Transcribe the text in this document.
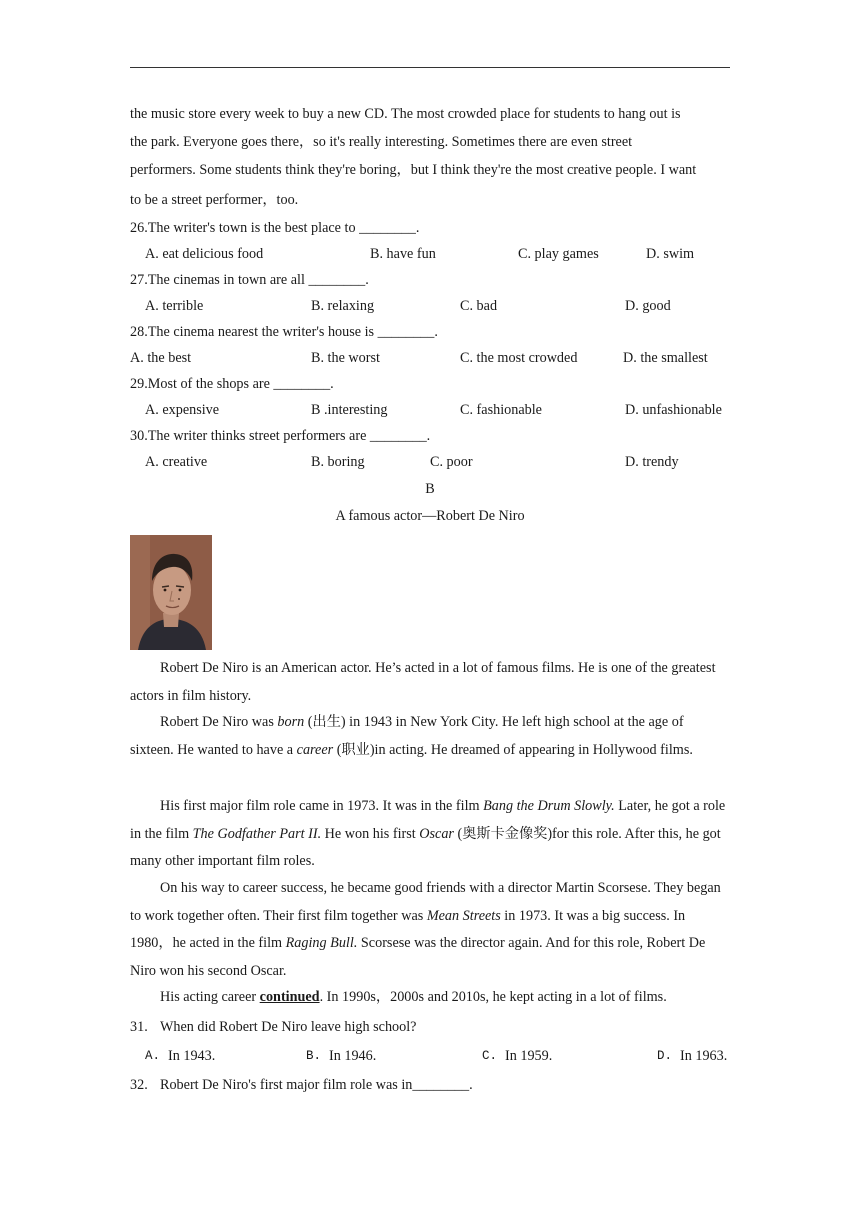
the music store every week to buy a new CD. The most crowded place for students to hang out is
the park. Everyone goes there，so it's really interesting. Sometimes there are even street
performers. Some students think they're boring，but I think they're the most creative people. I want
to be a street performer，too.
26.The writer's town is the best place to ________.
A. eat delicious food	B. have fun	C. play games	D. swim
27.The cinemas in town are all ________.
A. terrible	B. relaxing	C. bad	D. good
28.The cinema nearest the writer's house is ________.
A. the best	B. the worst	C. the most crowded	D. the smallest
29.Most of the shops are ________.
A. expensive	B .interesting	C. fashionable	D. unfashionable
30.The writer thinks street performers are ________.
A. creative	B. boring	C. poor	D. trendy
B
A famous actor—Robert De Niro
Robert De Niro is an American actor. He’s acted in a lot of famous films. He is one of the greatest actors in film history.
Robert De Niro was born (出生) in 1943 in New York City. He left high school at the age of sixteen. He wanted to have a career (职业)in acting. He dreamed of appearing in Hollywood films.
His first major film role came in 1973. It was in the film Bang the Drum Slowly. Later, he got a role in the film The Godfather Part II. He won his first Oscar (奥斯卡金像奖)for this role. After this, he got many other important film roles.
On his way to career success, he became good friends with a director Martin Scorsese. They began to work together often. Their first film together was Mean Streets in 1973. It was a big success. In 1980，he acted in the film Raging Bull. Scorsese was the director again. And for this role, Robert De Niro won his second Oscar.
His acting career continued. In 1990s，2000s and 2010s, he kept acting in a lot of films.
31. When did Robert De Niro leave high school?
A. In 1943.	B. In 1946.	C. In 1959.	D. In 1963.
32. Robert De Niro's first major film role was in________.
